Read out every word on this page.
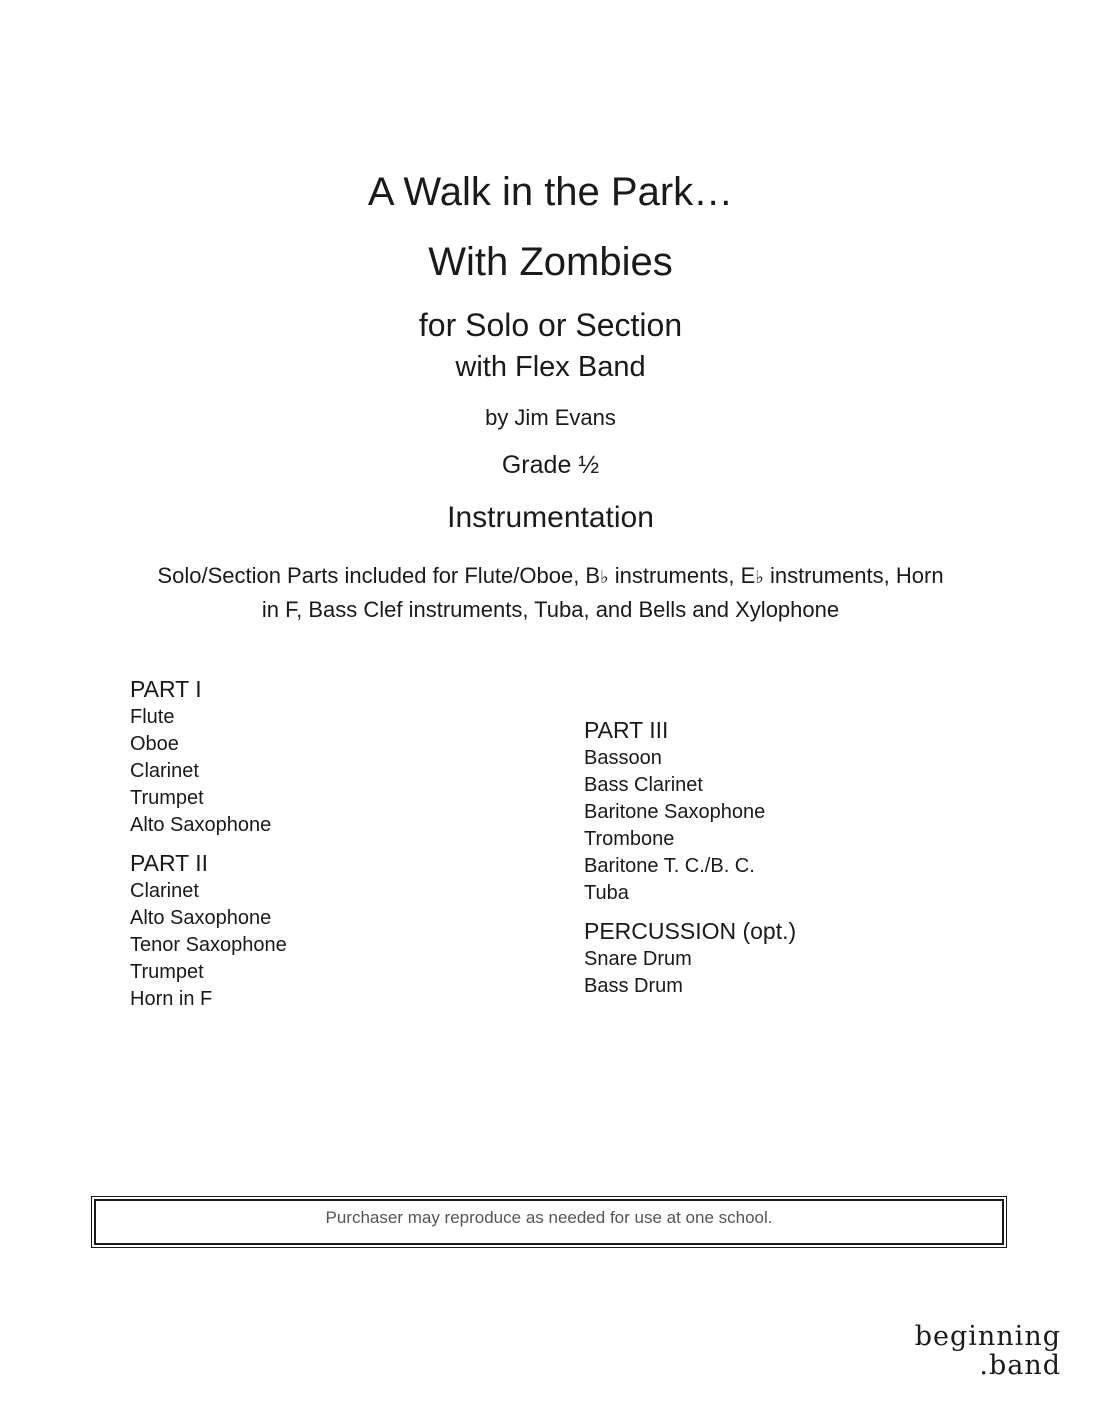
A Walk in the Park…
With Zombies
for Solo or Section
with Flex Band
by Jim Evans
Grade ½
Instrumentation
Solo/Section Parts included for Flute/Oboe, B♭ instruments, E♭ instruments, Horn
in F, Bass Clef instruments, Tuba, and Bells and Xylophone
PART I
Flute
Oboe
Clarinet
Trumpet
Alto Saxophone
PART II
Clarinet
Alto Saxophone
Tenor Saxophone
Trumpet
Horn in F
PART III
Bassoon
Bass Clarinet
Baritone Saxophone
Trombone
Baritone T. C./B. C.
Tuba
PERCUSSION (opt.)
Snare Drum
Bass Drum
Purchaser may reproduce as needed for use at one school.
beginning
.band
